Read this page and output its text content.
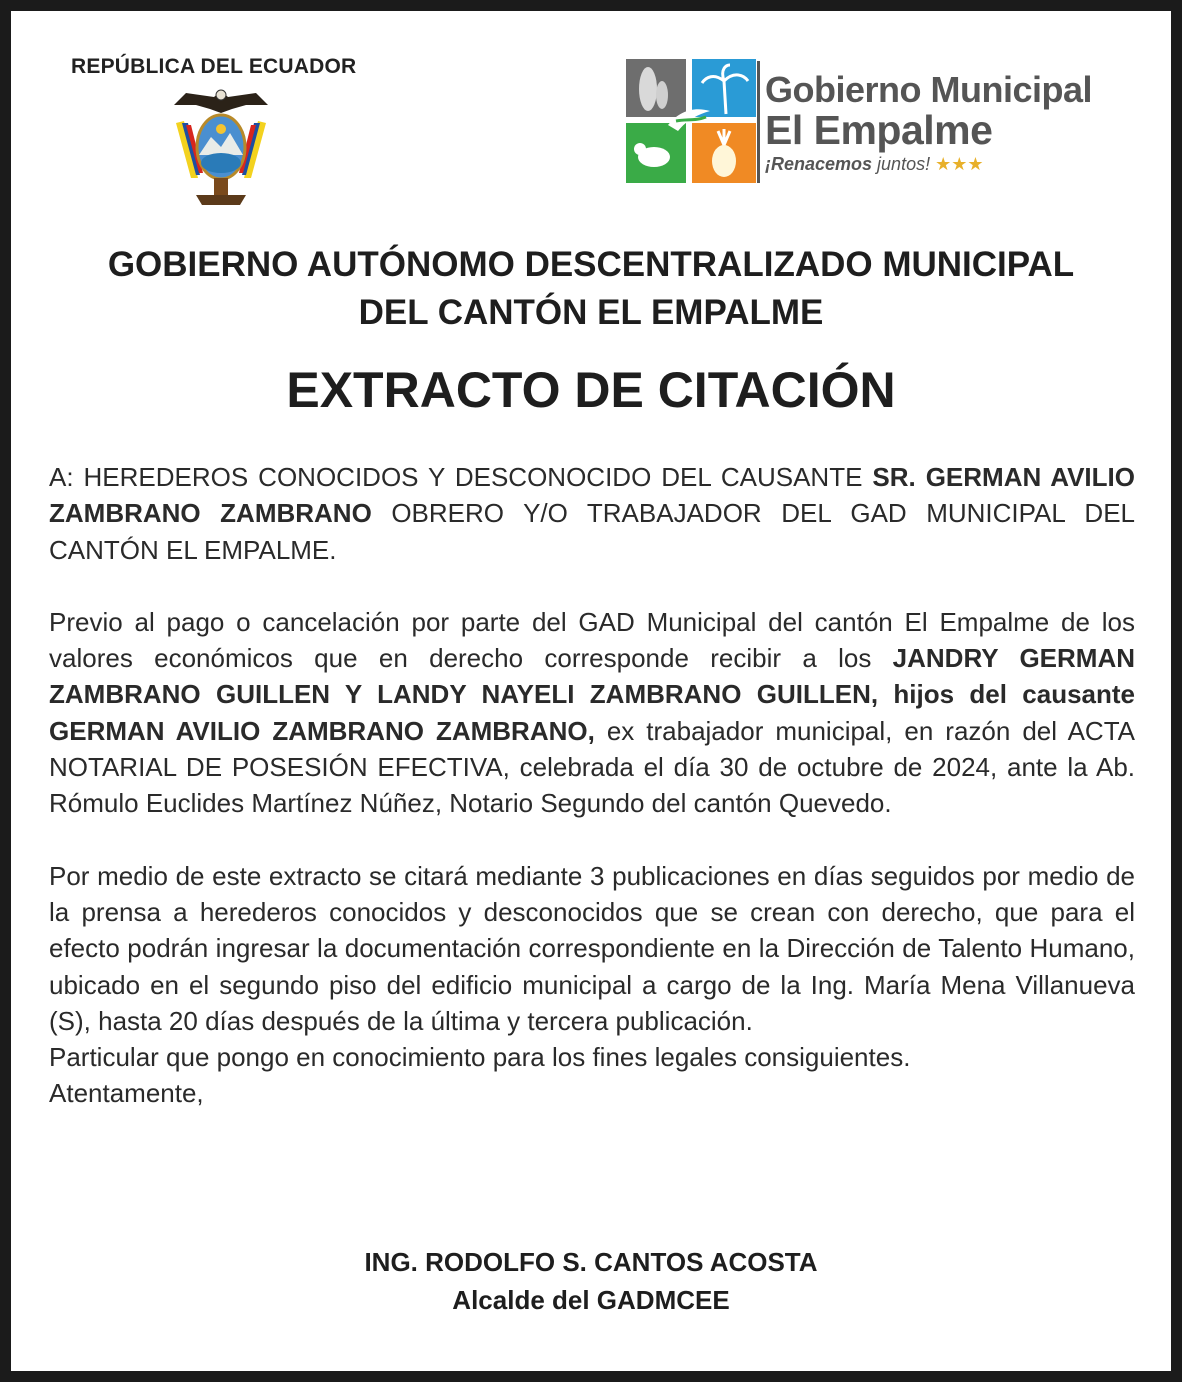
REPÚBLICA DEL ECUADOR
Gobierno Municipal
El Empalme
¡Renacemos juntos! ★★★
GOBIERNO AUTÓNOMO DESCENTRALIZADO MUNICIPAL
DEL CANTÓN EL EMPALME
EXTRACTO DE CITACIÓN

A: HEREDEROS CONOCIDOS Y DESCONOCIDO DEL CAUSANTE SR. GERMAN AVILIO ZAMBRANO ZAMBRANO OBRERO Y/O TRABAJADOR DEL GAD MUNICIPAL DEL CANTÓN EL EMPALME.

Previo al pago o cancelación por parte del GAD Municipal del cantón El Empalme de los valores económicos que en derecho corresponde recibir a los JANDRY GERMAN ZAMBRANO GUILLEN Y LANDY NAYELI ZAMBRANO GUILLEN, hijos del causante GERMAN AVILIO ZAMBRANO ZAMBRANO, ex trabajador municipal, en razón del ACTA NOTARIAL DE POSESIÓN EFECTIVA, celebrada el día 30 de octubre de 2024, ante la Ab. Rómulo Euclides Martínez Núñez, Notario Segundo del cantón Quevedo.

Por medio de este extracto se citará mediante 3 publicaciones en días seguidos por medio de la prensa a herederos conocidos y desconocidos que se crean con derecho, que para el efecto podrán ingresar la documentación correspondiente en la Dirección de Talento Humano, ubicado en el segundo piso del edificio municipal a cargo de la Ing. María Mena Villanueva (S), hasta 20 días después de la última y tercera publicación.

Particular que pongo en conocimiento para los fines legales consiguientes.

Atentamente,

ING. RODOLFO S. CANTOS ACOSTA
Alcalde del GADMCEE
